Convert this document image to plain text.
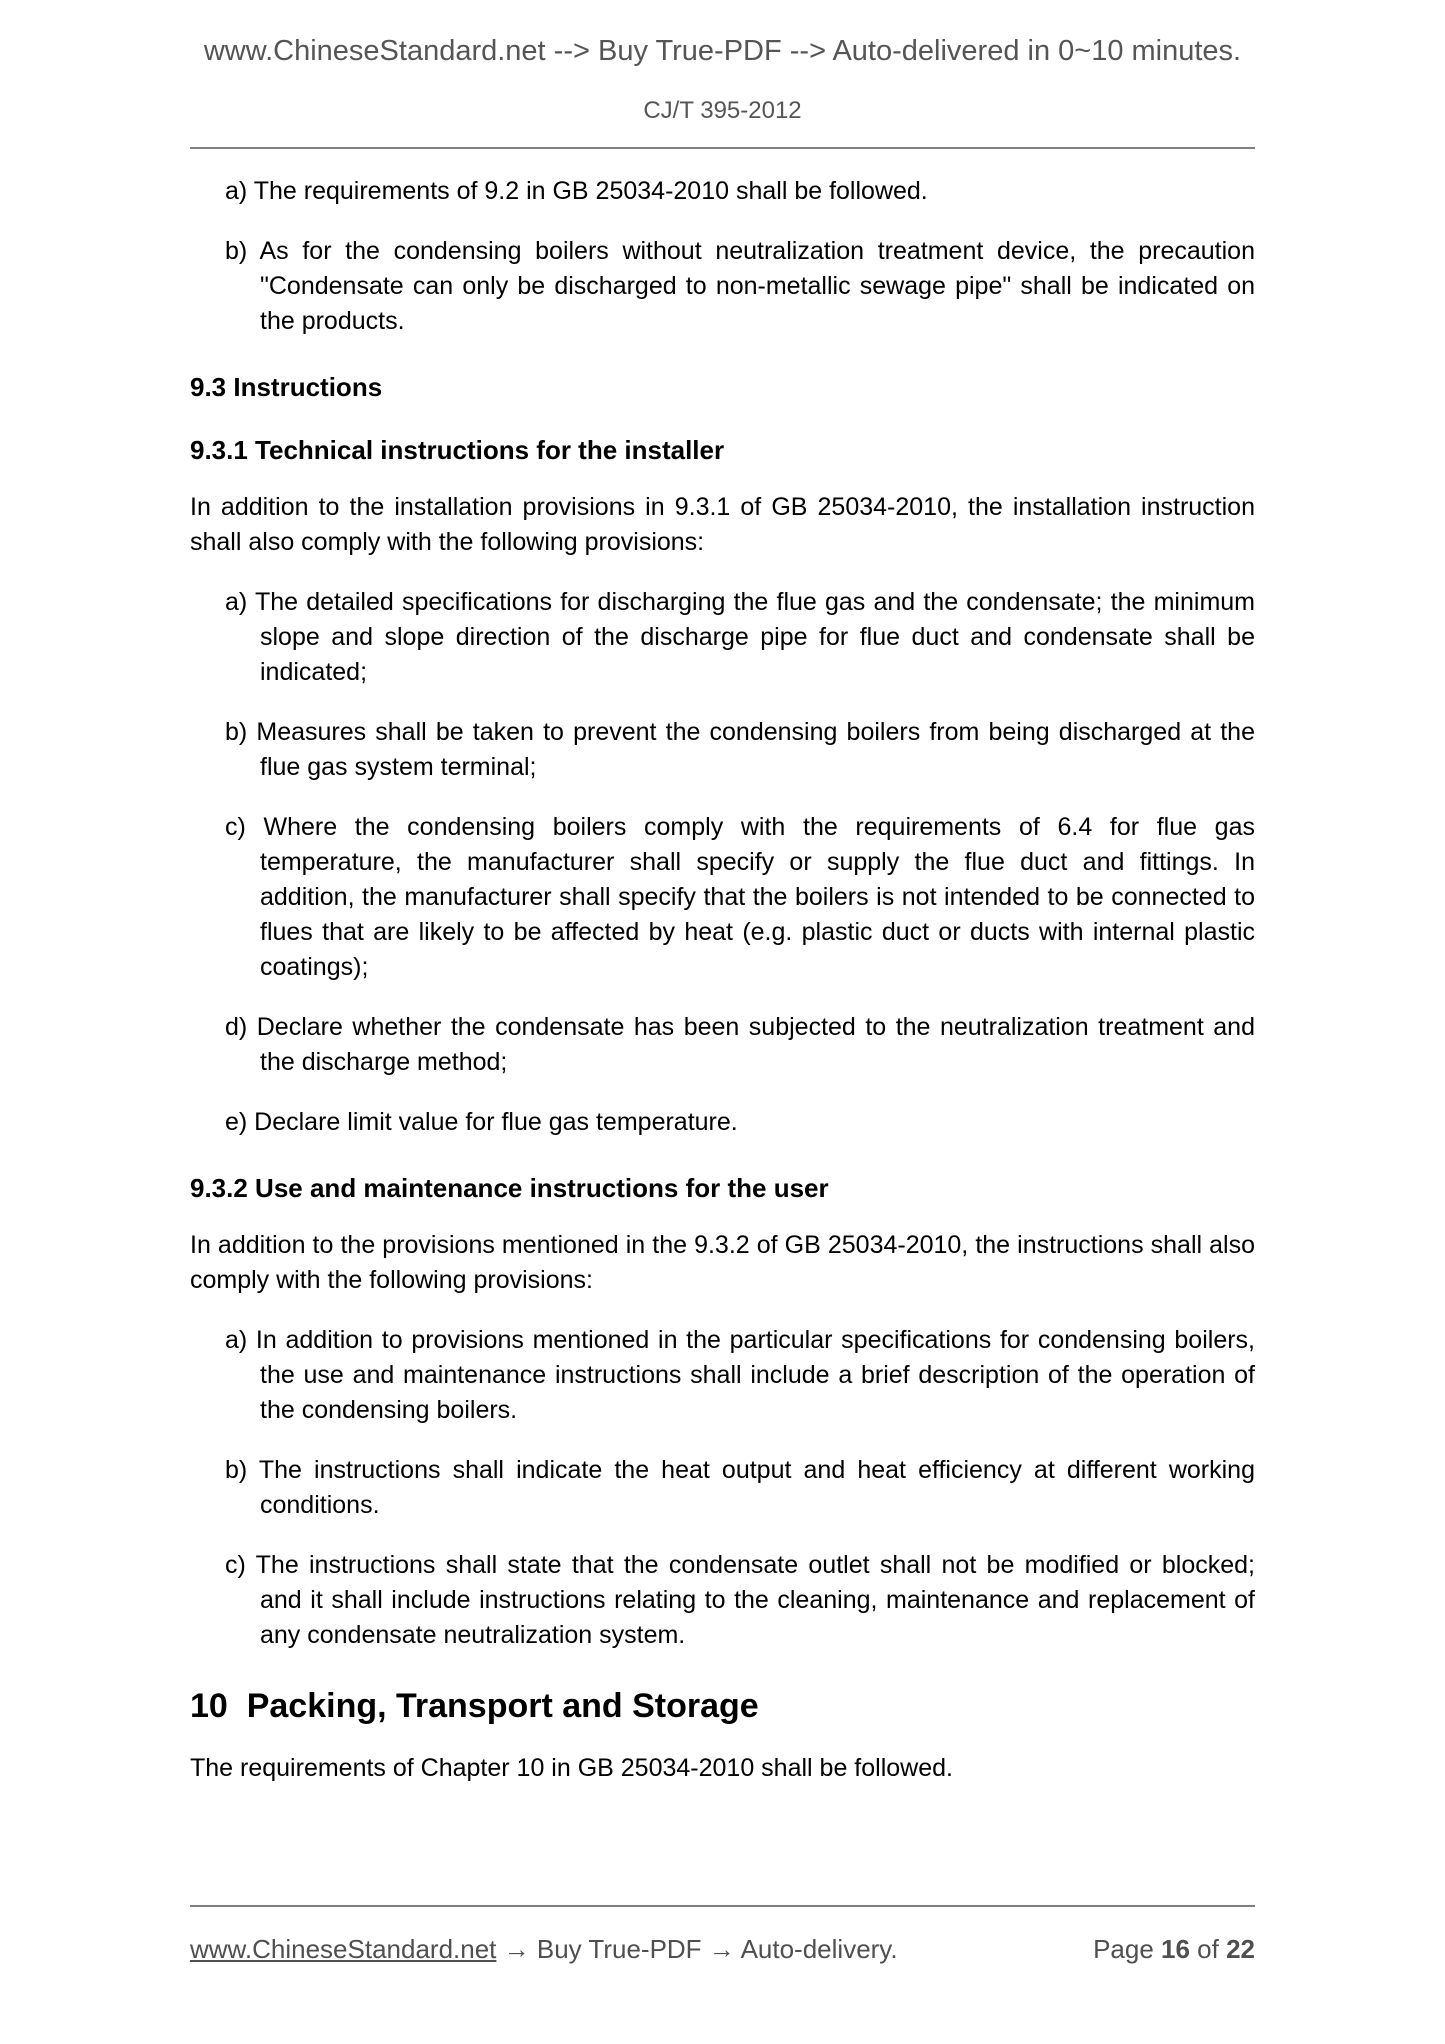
www.ChineseStandard.net --> Buy True-PDF --> Auto-delivered in 0~10 minutes.
CJ/T 395-2012
a) The requirements of 9.2 in GB 25034-2010 shall be followed.
b) As for the condensing boilers without neutralization treatment device, the precaution "Condensate can only be discharged to non-metallic sewage pipe" shall be indicated on the products.
9.3 Instructions
9.3.1 Technical instructions for the installer
In addition to the installation provisions in 9.3.1 of GB 25034-2010, the installation instruction shall also comply with the following provisions:
a) The detailed specifications for discharging the flue gas and the condensate; the minimum slope and slope direction of the discharge pipe for flue duct and condensate shall be indicated;
b) Measures shall be taken to prevent the condensing boilers from being discharged at the flue gas system terminal;
c) Where the condensing boilers comply with the requirements of 6.4 for flue gas temperature, the manufacturer shall specify or supply the flue duct and fittings. In addition, the manufacturer shall specify that the boilers is not intended to be connected to flues that are likely to be affected by heat (e.g. plastic duct or ducts with internal plastic coatings);
d) Declare whether the condensate has been subjected to the neutralization treatment and the discharge method;
e) Declare limit value for flue gas temperature.
9.3.2 Use and maintenance instructions for the user
In addition to the provisions mentioned in the 9.3.2 of GB 25034-2010, the instructions shall also comply with the following provisions:
a) In addition to provisions mentioned in the particular specifications for condensing boilers, the use and maintenance instructions shall include a brief description of the operation of the condensing boilers.
b) The instructions shall indicate the heat output and heat efficiency at different working conditions.
c) The instructions shall state that the condensate outlet shall not be modified or blocked; and it shall include instructions relating to the cleaning, maintenance and replacement of any condensate neutralization system.
10  Packing, Transport and Storage
The requirements of Chapter 10 in GB 25034-2010 shall be followed.
www.ChineseStandard.net → Buy True-PDF → Auto-delivery.	Page 16 of 22
